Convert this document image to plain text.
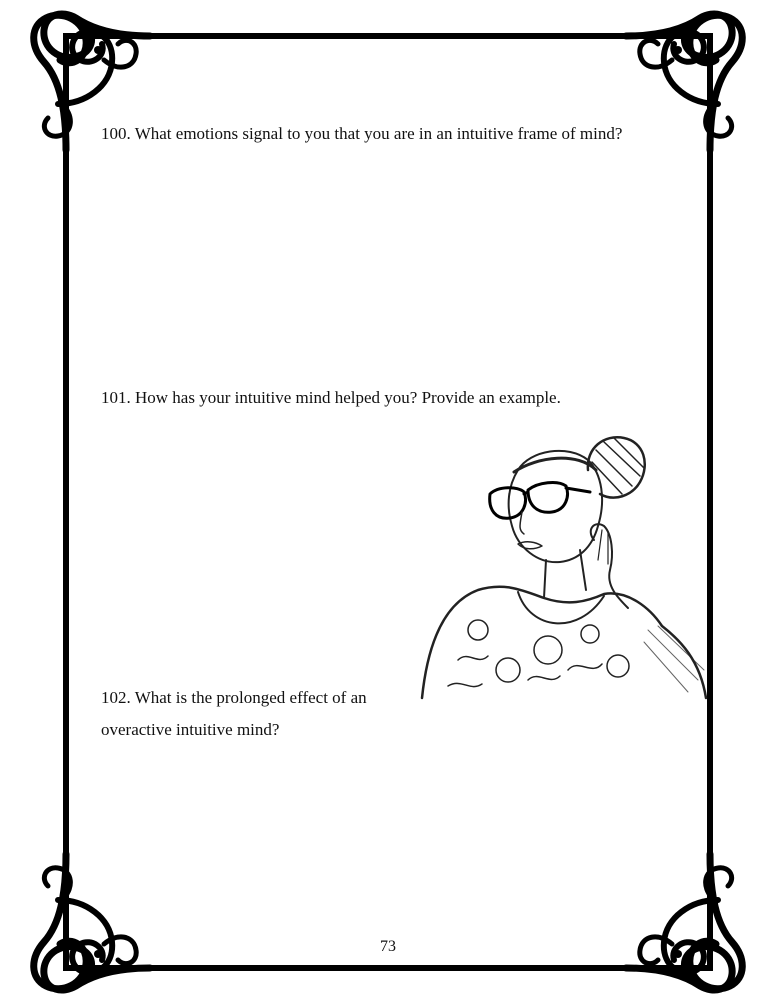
100. What emotions signal to you that you are in an intuitive frame of mind?

101. How has your intuitive mind helped you? Provide an example.

102. What is the prolonged effect of an overactive intuitive mind?

73
